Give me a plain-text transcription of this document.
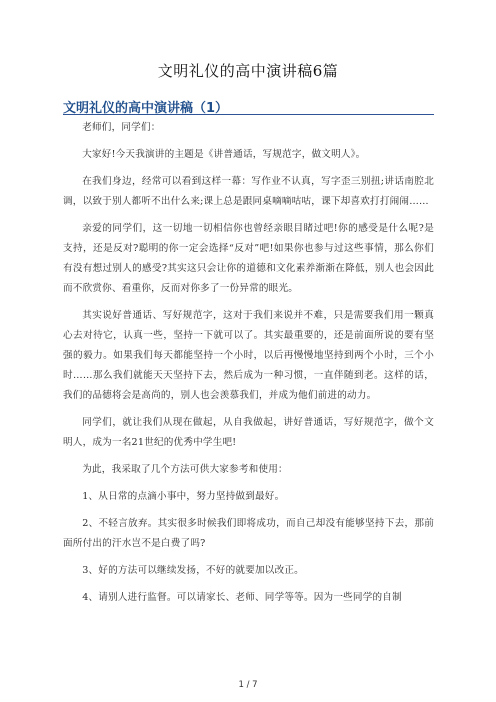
文明礼仪的高中演讲稿6篇
文明礼仪的高中演讲稿（1）

老师们，同学们：

大家好!今天我演讲的主题是《讲普通话，写规范字，做文明人》。

在我们身边，经常可以看到这样一幕：写作业不认真，写字歪三别扭;讲话南腔北调，以致于别人都听不出什么来;课上总是跟同桌嘀嘀咕咕，课下却喜欢打打闹闹……

亲爱的同学们，这一切地一切相信你也曾经亲眼目睹过吧!你的感受是什么呢?是支持，还是反对?聪明的你一定会选择“反对”吧!如果你也参与过这些事情，那么你们有没有想过别人的感受?其实这只会让你的道德和文化素养渐渐在降低，别人也会因此而不欣赏你、看重你，反而对你多了一份异常的眼光。

其实说好普通话、写好规范字，这对于我们来说并不难，只是需要我们用一颗真心去对待它，认真一些，坚持一下就可以了。其实最重要的，还是前面所说的要有坚强的毅力。如果我们每天都能坚持一个小时，以后再慢慢地坚持到两个小时，三个小时……那么我们就能天天坚持下去，然后成为一种习惯，一直伴随到老。这样的话，我们的品德将会是高尚的，别人也会羡慕我们，并成为他们前进的动力。

同学们，就让我们从现在做起，从自我做起，讲好普通话，写好规范字，做个文明人，成为一名21世纪的优秀中学生吧!

为此，我采取了几个方法可供大家参考和使用：

1、从日常的点滴小事中，努力坚持做到最好。

2、不轻言放弃。其实很多时候我们即将成功，而自己却没有能够坚持下去，那前面所付出的汗水岂不是白费了吗?

3、好的方法可以继续发扬，不好的就要加以改正。

4、请别人进行监督。可以请家长、老师、同学等等。因为一些同学的自制

1 / 7
